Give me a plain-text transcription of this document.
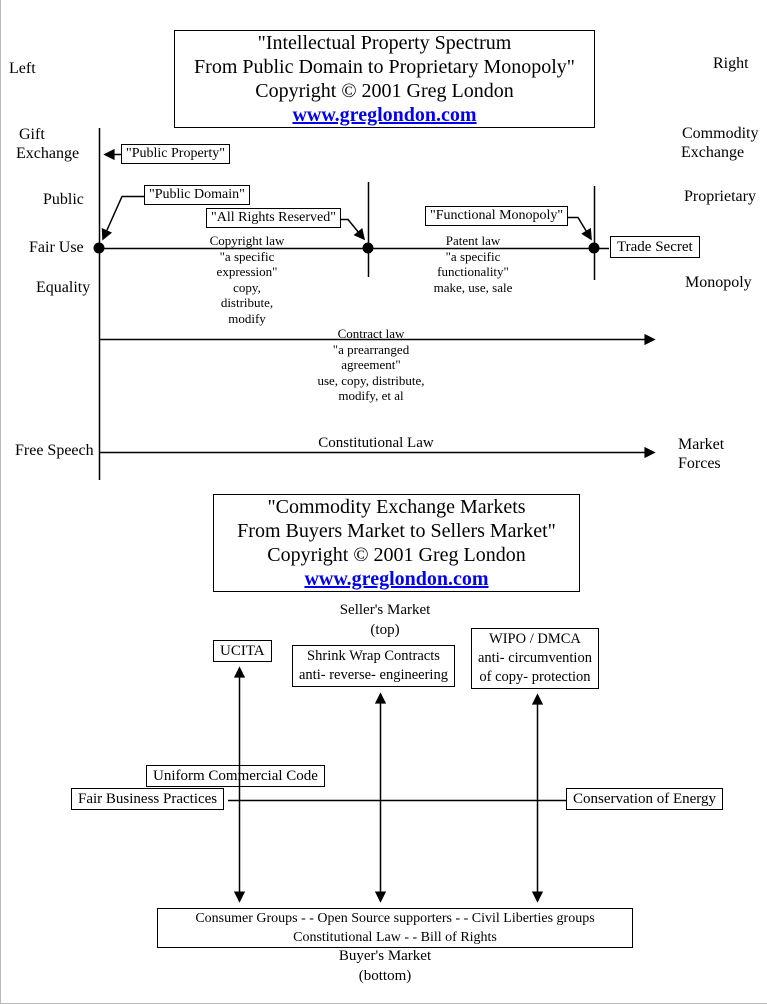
"Intellectual Property Spectrum
From Public Domain to Proprietary Monopoly"
Copyright © 2001 Greg London
www.greglondon.com
Left	Right
Gift
Exchange
Public
Fair Use
Equality
Free Speech
Commodity
Exchange
Proprietary
Monopoly
Market
Forces
"Public Property"
"Public Domain"
"All Rights Reserved"	"Functional Monopoly"
Trade Secret
Copyright law
"a specific
expression"
copy,
distribute,
modify
Patent law
"a specific
functionality"
make, use, sale
Contract law
"a prearranged
agreement"
use, copy, distribute,
modify, et al
Constitutional Law
"Commodity Exchange Markets
From Buyers Market to Sellers Market"
Copyright © 2001 Greg London
www.greglondon.com
Seller's Market
(top)
UCITA	Shrink Wrap Contracts
anti- reverse- engineering
WIPO / DMCA
anti- circumvention
of copy- protection
Uniform Commercial Code
Fair Business Practices	Conservation of Energy
Consumer Groups - - Open Source supporters - - Civil Liberties groups
Constitutional Law - - Bill of Rights
Buyer's Market
(bottom)
